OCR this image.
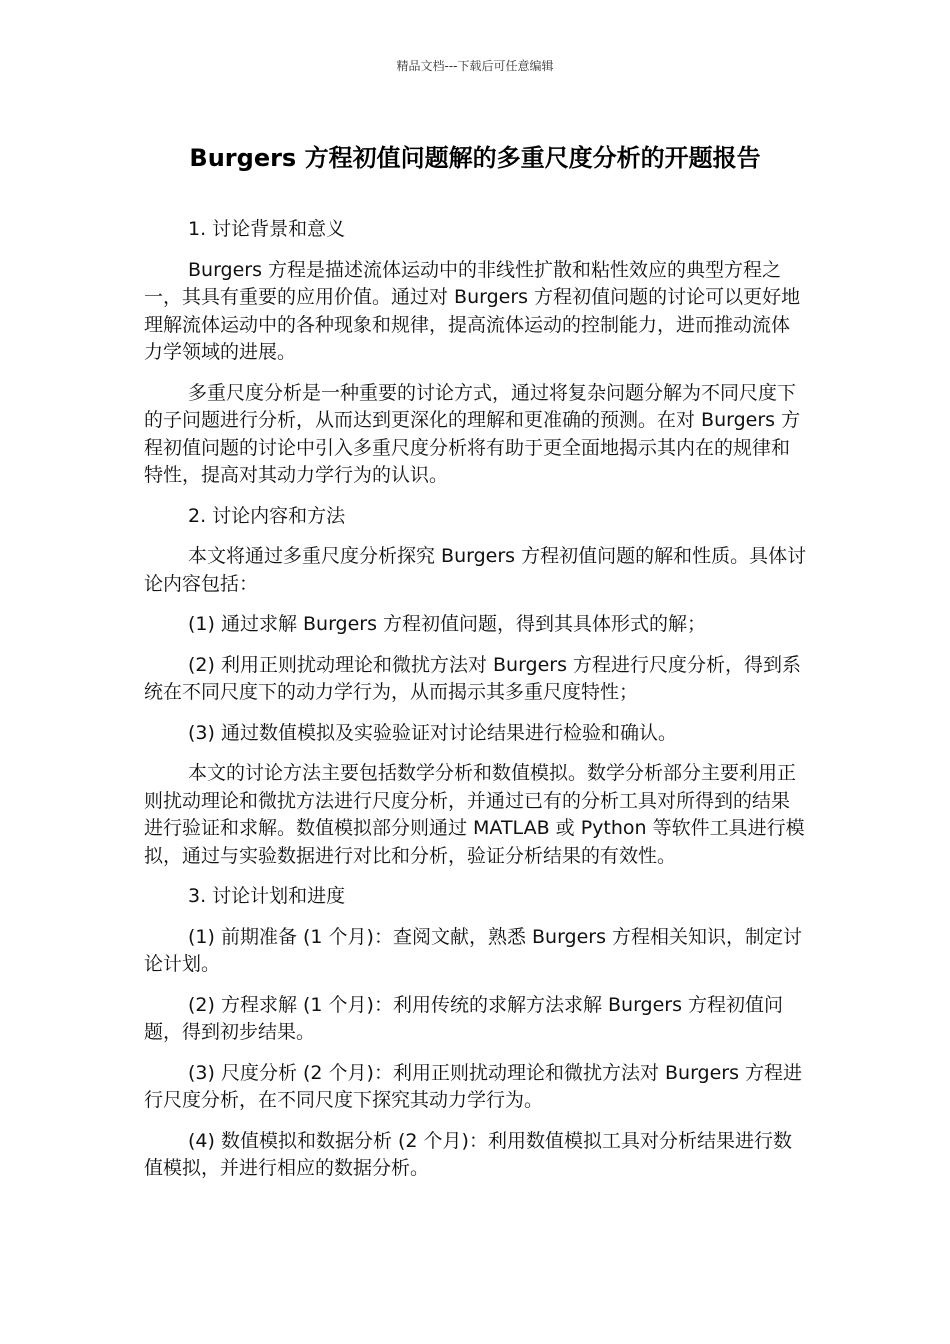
精品文档---下载后可任意编辑
Burgers 方程初值问题解的多重尺度分析的开题报告

1. 讨论背景和意义

Burgers 方程是描述流体运动中的非线性扩散和粘性效应的典型方程之一，其具有重要的应用价值。通过对 Burgers 方程初值问题的讨论可以更好地理解流体运动中的各种现象和规律，提高流体运动的控制能力，进而推动流体力学领域的进展。

多重尺度分析是一种重要的讨论方式，通过将复杂问题分解为不同尺度下的子问题进行分析，从而达到更深化的理解和更准确的预测。在对 Burgers 方程初值问题的讨论中引入多重尺度分析将有助于更全面地揭示其内在的规律和特性，提高对其动力学行为的认识。

2. 讨论内容和方法

本文将通过多重尺度分析探究 Burgers 方程初值问题的解和性质。具体讨论内容包括：

(1) 通过求解 Burgers 方程初值问题，得到其具体形式的解；

(2) 利用正则扰动理论和微扰方法对 Burgers 方程进行尺度分析，得到系统在不同尺度下的动力学行为，从而揭示其多重尺度特性；

(3) 通过数值模拟及实验验证对讨论结果进行检验和确认。

本文的讨论方法主要包括数学分析和数值模拟。数学分析部分主要利用正则扰动理论和微扰方法进行尺度分析，并通过已有的分析工具对所得到的结果进行验证和求解。数值模拟部分则通过 MATLAB 或 Python 等软件工具进行模拟，通过与实验数据进行对比和分析，验证分析结果的有效性。

3. 讨论计划和进度

(1) 前期准备 (1 个月)：查阅文献，熟悉 Burgers 方程相关知识，制定讨论计划。

(2) 方程求解 (1 个月)：利用传统的求解方法求解 Burgers 方程初值问题，得到初步结果。

(3) 尺度分析 (2 个月)：利用正则扰动理论和微扰方法对 Burgers 方程进行尺度分析，在不同尺度下探究其动力学行为。

(4) 数值模拟和数据分析 (2 个月)：利用数值模拟工具对分析结果进行数值模拟，并进行相应的数据分析。
